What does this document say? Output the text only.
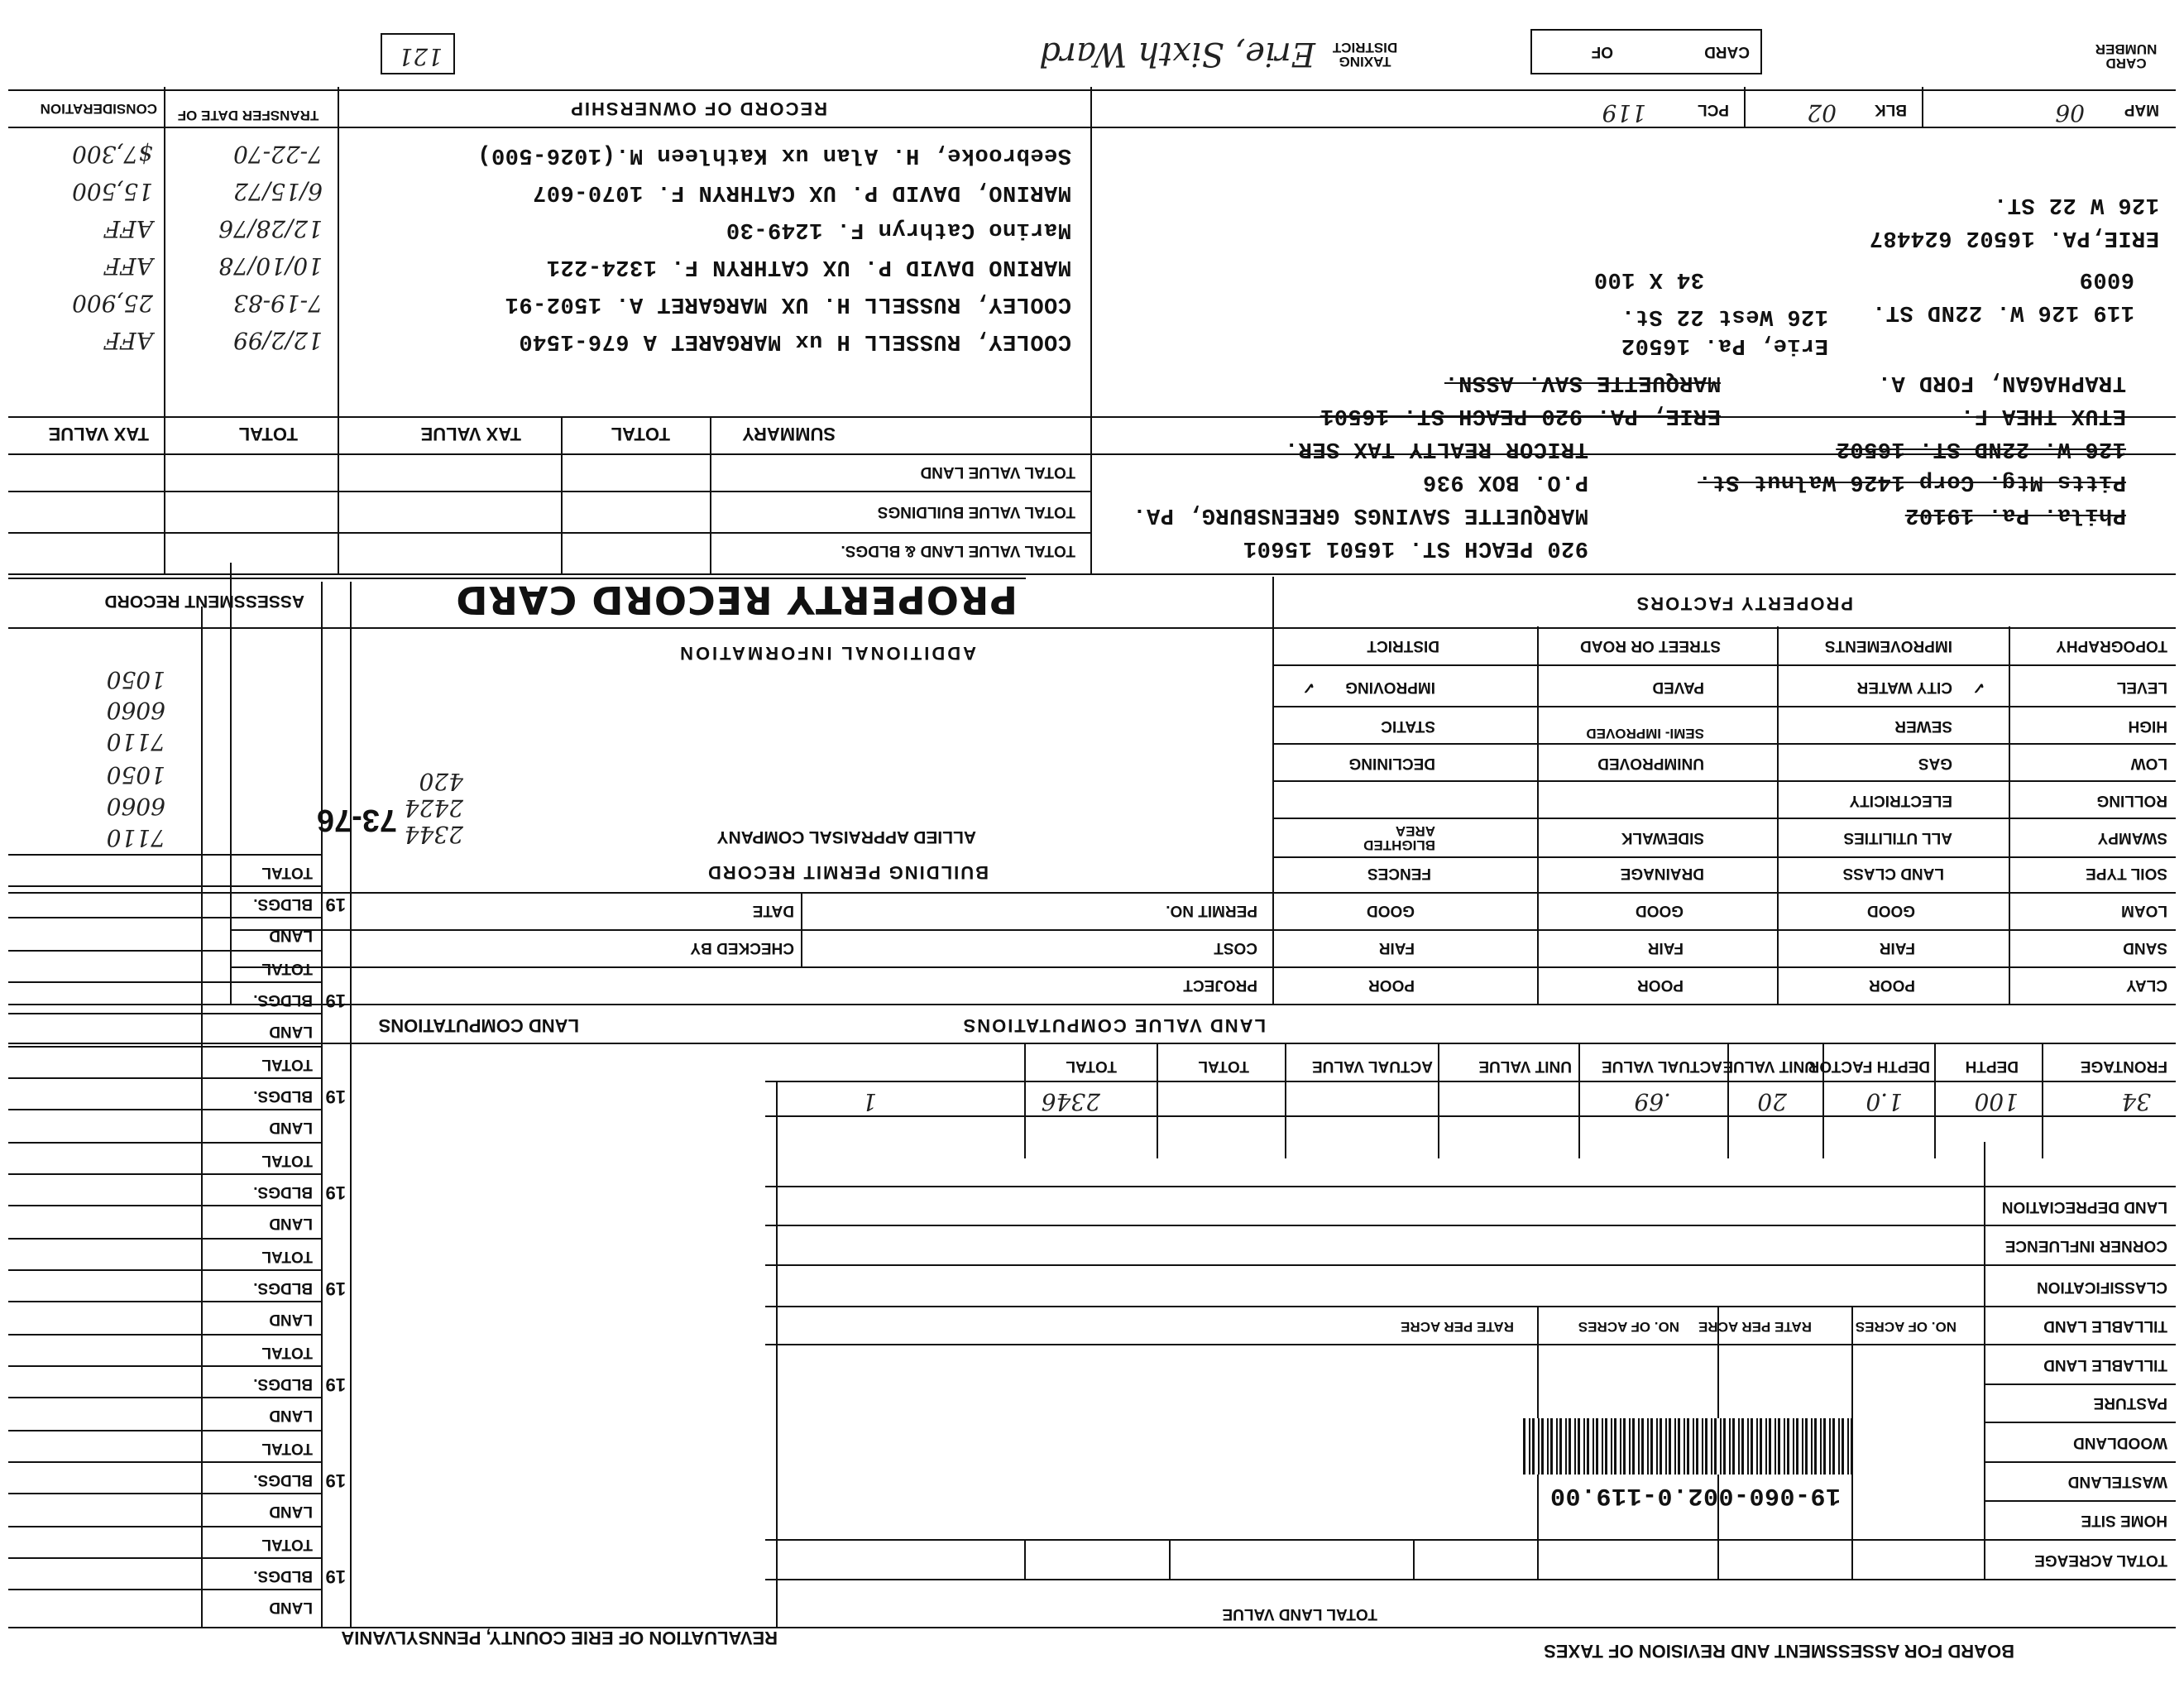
REVALUATION OF ERIE COUNTY, PENNSYLVANIA
BOARD FOR ASSESSMENT AND REVISION OF TAXES
TOTAL ACREAGE
HOME SITE
WASTELAND
WOODLAND
PASTURE
TILLABLE LAND
TILLABLE LAND
CLASSIFICATION
CORNER INFLUENCE
LAND DEPRECIATION
TOTAL LAND VALUE
NO. OF ACRES
RATE PER ACRE
NO. OF ACRES
RATE PER ACRE
19-060-002.0-119.00
FRONTAGE
DEPTH
DEPTH FACTOR
UNIT VALUE
ACTUAL VALUE
UNIT VALUE
ACTUAL VALUE
TOTAL
TOTAL
34
100
1.0
20
.69
2346
1
LAND VALUE COMPUTATIONS
LAND COMPUTATIONS
CLAY
POOR
POOR
POOR
SAND
FAIR
FAIR
FAIR
LOAM
GOOD
GOOD
GOOD
SOIL TYPE
LAND CLASS
DRAINAGE
FENCES
PROJECT
COST
PERMIT NO.
CHECKED BY
DATE
BUILDING PERMIT RECORD
SWAMPY
ALL UTILITIES
SIDEWALK
BLIGHTED AREA
ROLLING
ELECTRICITY
LOW
GAS
UNIMPROVED
DECLINING
HIGH
SEWER
SEMI- IMPROVED
STATIC
LEVEL
CITY WATER
PAVED
IMPROVING
TOPOGRAPHY
IMPROVEMENTS
STREET OR ROAD
DISTRICT
PROPERTY FACTORS
✓
✓
ALLIED APPRAISAL COMPANY
ADDITIONAL INFORMATION
2344
2424
420
PROPERTY RECORD CARD
ASSESSMENT RECORD
73-76
19
LAND
BLDGS.
TOTAL
19
LAND
BLDGS.
TOTAL
19
LAND
BLDGS.
TOTAL
19
LAND
BLDGS.
TOTAL
19
LAND
BLDGS.
TOTAL
19
LAND
BLDGS.
TOTAL
19
LAND
BLDGS.
TOTAL
19
LAND
BLDGS.
TOTAL
1050
6060
7110
1050
6060
7110
TOTAL VALUE LAND & BLDGS.
TOTAL VALUE BUILDINGS
TOTAL VALUE LAND
SUMMARY
TOTAL
TAX VALUE
TOTAL
TAX VALUE
RECORD OF OWNERSHIP
TRANSFER DATE OF
CONSIDERATION
Seebrooke, H. Alan ux Kathleen M.(1026-500)
7-22-70
$7,300
MARINO, DAVID P. UX CATHRYN F. 1070-607
6/15/72
15,500
Marino Cathryn F. 1249-30
12/28/76
AFF
MARINO DAVID P. UX CATHRYN F. 1324-221
10/10/78
AFF
COOLEY, RUSSELL H. UX MARGARET A. 1502-91
7-19-83
25,900
COOLEY, RUSSELL H ux MARGARET A 676-1540
12/2/99
AFF
126 W 22 ST.
ERIE,PA. 16502 624487
6009
34 X 100
119 126 W. 22ND ST.
126 West 22 St.
Erie, Pa. 16502
TRAPHAGAN, FORD A.
MARQUETTE SAV. ASSN.
ETUX THEA F.
ERIE, PA. 920 PEACH ST. 16501
126 W. 22ND ST. 16502
TRICOR REALTY TAX SER.
Pitts Mtg. Corp 1426 Walnut St.
P.O. BOX 936
Phila. Pa. 19102
MARQUETTE SAVINGS GREENSBURG, PA.
920 PEACH ST. 16501 15601
MAP
06
BLK
02
PCL
119
CARD NUMBER
CARD
OF
TAXING DISTRICT
Erie, Sixth Ward
121
